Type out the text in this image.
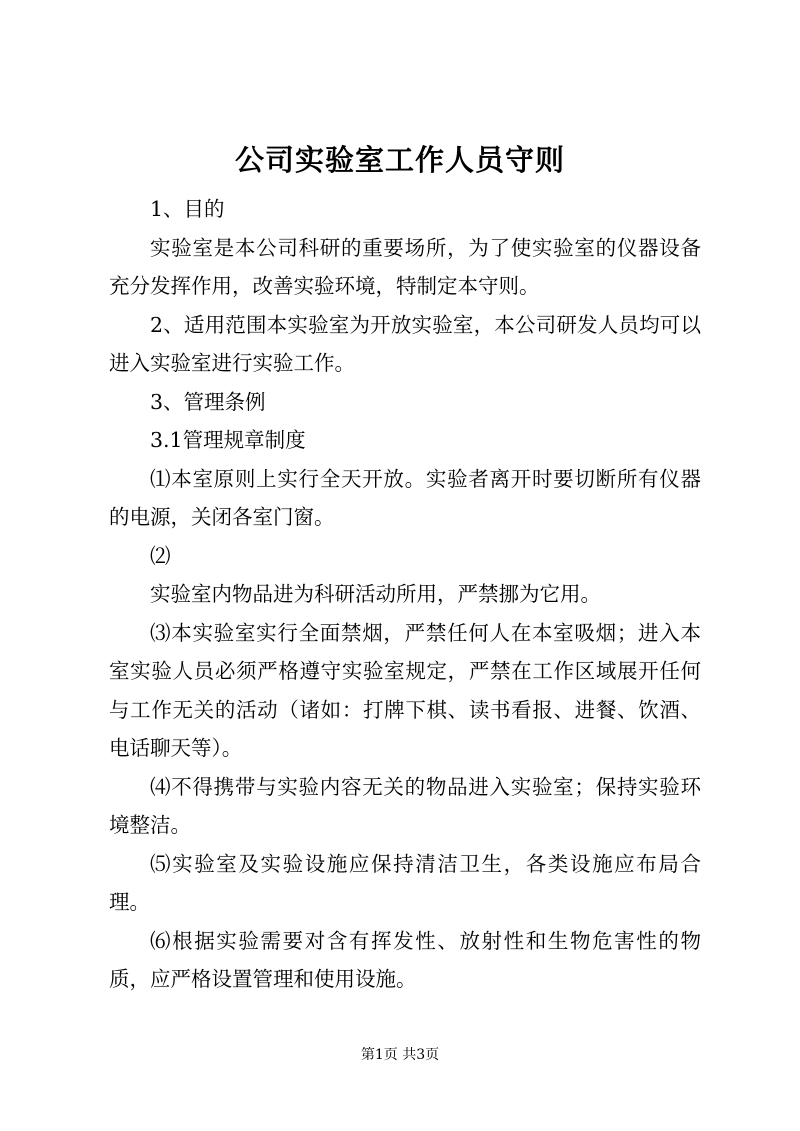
公司实验室工作人员守则

1、目的

实验室是本公司科研的重要场所，为了使实验室的仪器设备充分发挥作用，改善实验环境，特制定本守则。

2、适用范围本实验室为开放实验室，本公司研发人员均可以进入实验室进行实验工作。

3、管理条例

3.1管理规章制度

⑴本室原则上实行全天开放。实验者离开时要切断所有仪器的电源，关闭各室门窗。

⑵

实验室内物品进为科研活动所用，严禁挪为它用。

⑶本实验室实行全面禁烟，严禁任何人在本室吸烟；进入本室实验人员必须严格遵守实验室规定，严禁在工作区域展开任何与工作无关的活动（诸如：打牌下棋、读书看报、进餐、饮酒、电话聊天等）。

⑷不得携带与实验内容无关的物品进入实验室；保持实验环境整洁。

⑸实验室及实验设施应保持清洁卫生，各类设施应布局合理。

⑹根据实验需要对含有挥发性、放射性和生物危害性的物质，应严格设置管理和使用设施。

第1页 共3页
